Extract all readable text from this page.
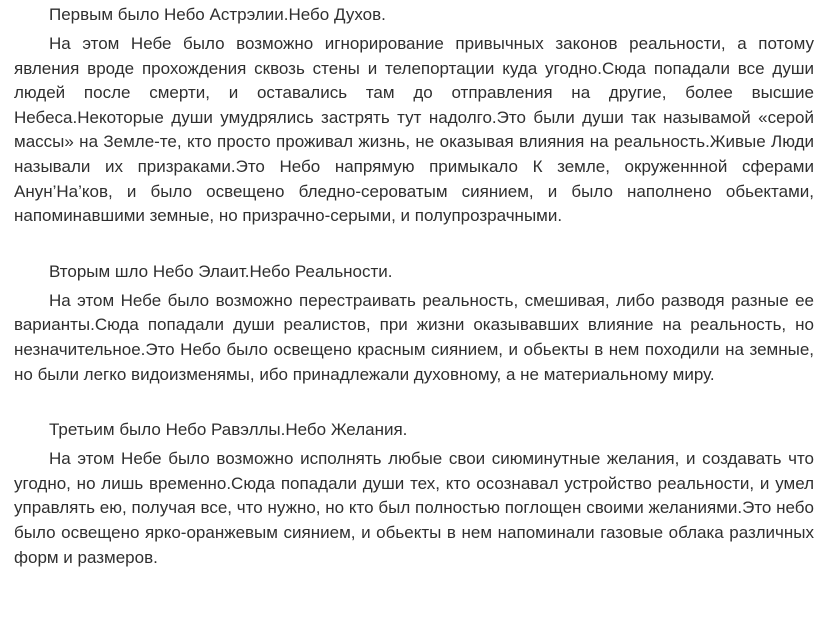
Первым было Небо Астрэлии.Небо Духов.

На этом Небе было возможно игнорирование привычных законов реальности, а потому явления вроде прохождения сквозь стены и телепортации куда угодно.Сюда попадали все души людей после смерти, и оставались там до отправления на другие, более высшие Небеса.Некоторые души умудрялись застрять тут надолго.Это были души так называмой «серой массы» на Земле-те, кто просто проживал жизнь, не оказывая влияния на реальность.Живые Люди называли их призраками.Это Небо напрямую примыкало К земле, окруженнной сферами Анун’На’ков, и было освещено бледно-сероватым сиянием, и было наполнено обьектами, напоминавшими земные, но призрачно-серыми, и полупрозрачными.

Вторым шло Небо Элаит.Небо Реальности.

На этом Небе было возможно перестраивать реальность, смешивая, либо разводя разные ее варианты.Сюда попадали души реалистов, при жизни оказывавших влияние на реальность, но незначительное.Это Небо было освещено красным сиянием, и обьекты в нем походили на земные, но были легко видоизменямы, ибо принадлежали духовному, а не материальному миру.

Третьим было Небо Равэллы.Небо Желания.

На этом Небе было возможно исполнять любые свои сиюминутные желания, и создавать что угодно, но лишь временно.Сюда попадали души тех, кто осознавал устройство реальности, и умел управлять ею, получая все, что нужно, но кто был полностью поглощен своими желаниями.Это небо было освещено ярко-оранжевым сиянием, и обьекты в нем напоминали газовые облака различных форм и размеров.
